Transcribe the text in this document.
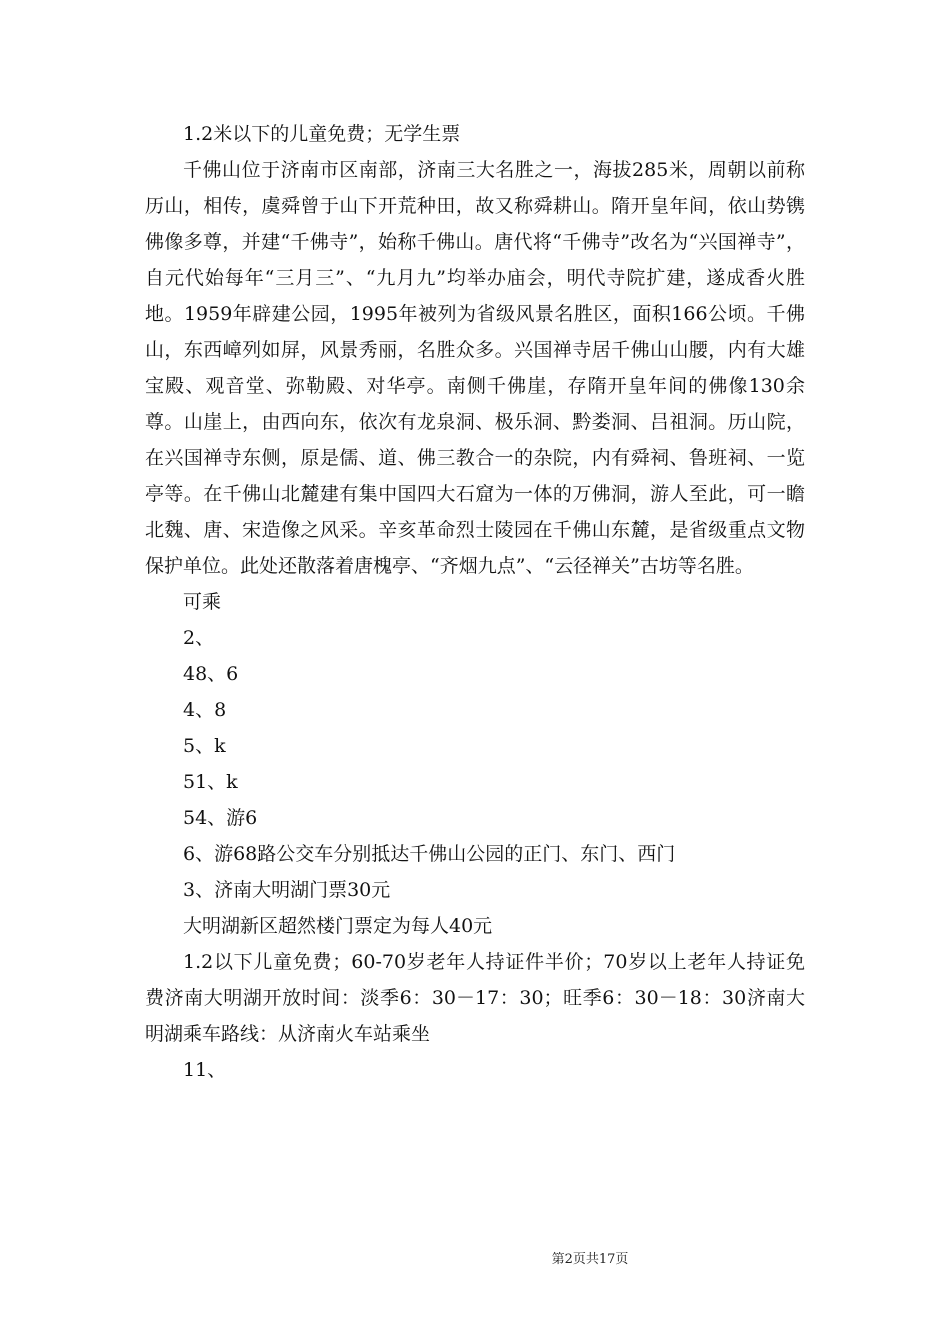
1.2米以下的儿童免费；无学生票

千佛山位于济南市区南部，济南三大名胜之一，海拔285米，周朝以前称历山，相传，虞舜曾于山下开荒种田，故又称舜耕山。隋开皇年间，依山势镌佛像多尊，并建“千佛寺”，始称千佛山。唐代将“千佛寺”改名为“兴国禅寺”，自元代始每年“三月三”、“九月九”均举办庙会，明代寺院扩建，遂成香火胜地。1959年辟建公园，1995年被列为省级风景名胜区，面积166公顷。千佛山，东西嶂列如屏，风景秀丽，名胜众多。兴国禅寺居千佛山山腰，内有大雄宝殿、观音堂、弥勒殿、对华亭。南侧千佛崖，存隋开皇年间的佛像130余尊。山崖上，由西向东，依次有龙泉洞、极乐洞、黔娄洞、吕祖洞。历山院，在兴国禅寺东侧，原是儒、道、佛三教合一的杂院，内有舜祠、鲁班祠、一览亭等。在千佛山北麓建有集中国四大石窟为一体的万佛洞，游人至此，可一瞻北魏、唐、宋造像之风采。辛亥革命烈士陵园在千佛山东麓，是省级重点文物保护单位。此处还散落着唐槐亭、“齐烟九点”、“云径禅关”古坊等名胜。

可乘

2、

48、6

4、8

5、k

51、k

54、游6

6、游68路公交车分别抵达千佛山公园的正门、东门、西门

3、济南大明湖门票30元

大明湖新区超然楼门票定为每人40元

1.2以下儿童免费；60-70岁老年人持证件半价；70岁以上老年人持证免费济南大明湖开放时间：淡季6：30－17：30；旺季6：30－18：30济南大明湖乘车路线：从济南火车站乘坐

11、

第2页共17页
